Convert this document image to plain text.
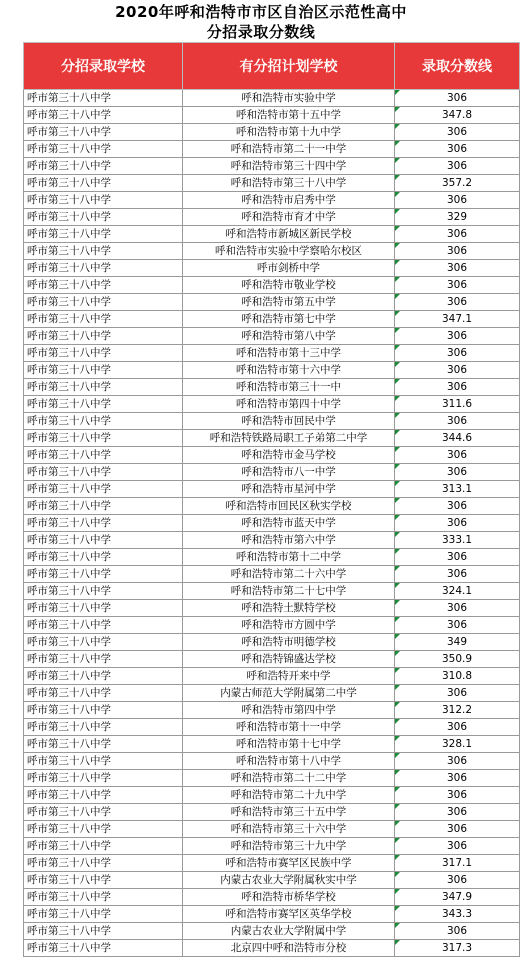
2020年呼和浩特市市区自治区示范性高中
分招录取分数线
分招录取学校	有分招计划学校	录取分数线
呼市第三十八中学	呼和浩特市实验中学	306
呼市第三十八中学	呼和浩特市第十五中学	347.8
呼市第三十八中学	呼和浩特市第十九中学	306
呼市第三十八中学	呼和浩特市第二十一中学	306
呼市第三十八中学	呼和浩特市第三十四中学	306
呼市第三十八中学	呼和浩特市第三十八中学	357.2
呼市第三十八中学	呼和浩特市启秀中学	306
呼市第三十八中学	呼和浩特市育才中学	329
呼市第三十八中学	呼和浩特市新城区新民学校	306
呼市第三十八中学	呼和浩特市实验中学察哈尔校区	306
呼市第三十八中学	呼市剑桥中学	306
呼市第三十八中学	呼和浩特市敬业学校	306
呼市第三十八中学	呼和浩特市第五中学	306
呼市第三十八中学	呼和浩特市第七中学	347.1
呼市第三十八中学	呼和浩特市第八中学	306
呼市第三十八中学	呼和浩特市第十三中学	306
呼市第三十八中学	呼和浩特市第十六中学	306
呼市第三十八中学	呼和浩特市第三十一中	306
呼市第三十八中学	呼和浩特市第四十中学	311.6
呼市第三十八中学	呼和浩特市回民中学	306
呼市第三十八中学	呼和浩特铁路局职工子弟第二中学	344.6
呼市第三十八中学	呼和浩特市金马学校	306
呼市第三十八中学	呼和浩特市八一中学	306
呼市第三十八中学	呼和浩特市星河中学	313.1
呼市第三十八中学	呼和浩特市回民区秋实学校	306
呼市第三十八中学	呼和浩特市蓝天中学	306
呼市第三十八中学	呼和浩特市第六中学	333.1
呼市第三十八中学	呼和浩特市第十二中学	306
呼市第三十八中学	呼和浩特市第二十六中学	306
呼市第三十八中学	呼和浩特市第二十七中学	324.1
呼市第三十八中学	呼和浩特土默特学校	306
呼市第三十八中学	呼和浩特市方圆中学	306
呼市第三十八中学	呼和浩特市明德学校	349
呼市第三十八中学	呼和浩特锦盛达学校	350.9
呼市第三十八中学	呼和浩特开来中学	310.8
呼市第三十八中学	内蒙古师范大学附属第二中学	306
呼市第三十八中学	呼和浩特市第四中学	312.2
呼市第三十八中学	呼和浩特市第十一中学	306
呼市第三十八中学	呼和浩特市第十七中学	328.1
呼市第三十八中学	呼和浩特市第十八中学	306
呼市第三十八中学	呼和浩特市第二十二中学	306
呼市第三十八中学	呼和浩特市第二十九中学	306
呼市第三十八中学	呼和浩特市第三十五中学	306
呼市第三十八中学	呼和浩特市第三十六中学	306
呼市第三十八中学	呼和浩特市第三十九中学	306
呼市第三十八中学	呼和浩特市赛罕区民族中学	317.1
呼市第三十八中学	内蒙古农业大学附属秋实中学	306
呼市第三十八中学	呼和浩特市桥华学校	347.9
呼市第三十八中学	呼和浩特市赛罕区英华学校	343.3
呼市第三十八中学	内蒙古农业大学附属中学	306
呼市第三十八中学	北京四中呼和浩特市分校	317.3
